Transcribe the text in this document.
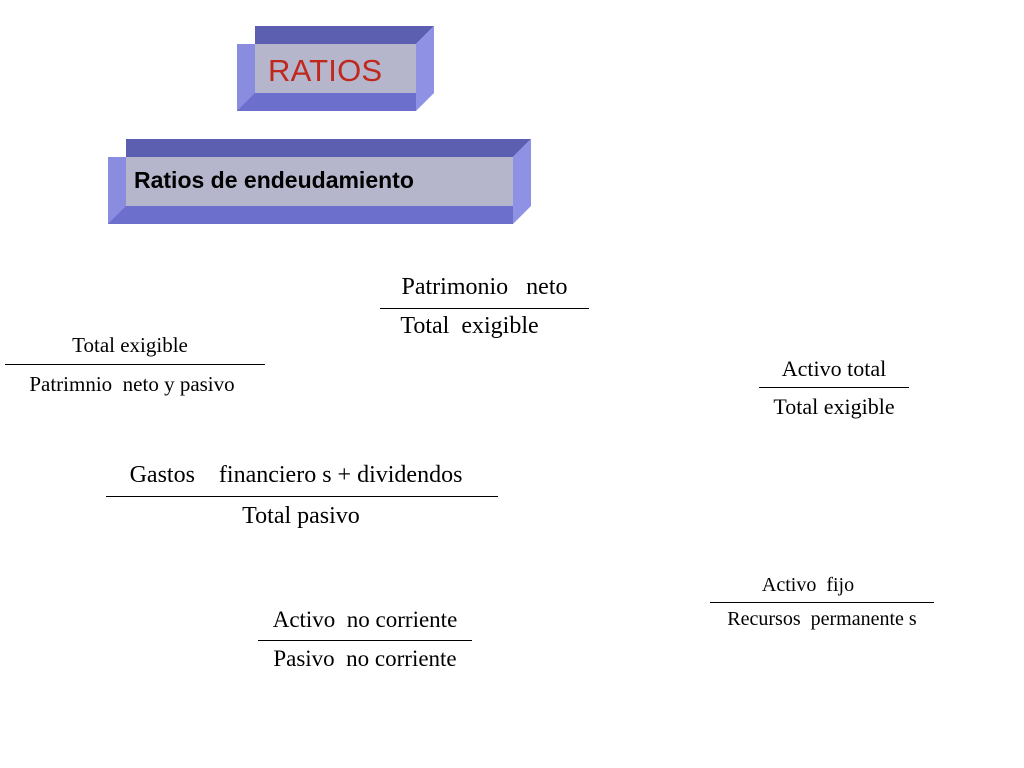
RATIOS
Ratios de endeudamiento
Patrimonio   neto
Total  exigible
Total exigible
Patrimnio  neto y pasivo
Activo total
Total exigible
Gastos    financiero s + dividendos
Total pasivo
Activo  fijo
Recursos  permanente s
Activo  no corriente
Pasivo  no corriente
